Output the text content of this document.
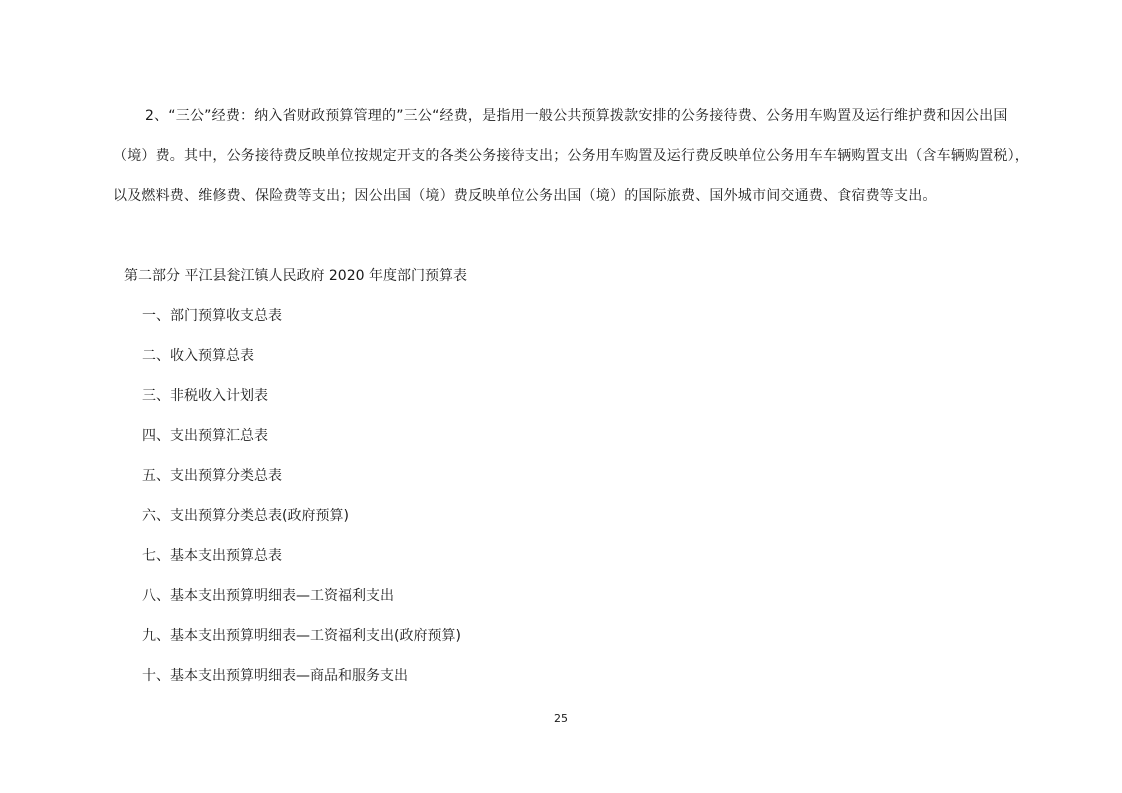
2、“三公”经费：纳入省财政预算管理的”三公“经费，是指用一般公共预算拨款安排的公务接待费、公务用车购置及运行维护费和因公出国
（境）费。其中，公务接待费反映单位按规定开支的各类公务接待支出；公务用车购置及运行费反映单位公务用车车辆购置支出（含车辆购置税），
以及燃料费、维修费、保险费等支出；因公出国（境）费反映单位公务出国（境）的国际旅费、国外城市间交通费、食宿费等支出。
第二部分 平江县瓮江镇人民政府 2020 年度部门预算表
一、部门预算收支总表
二、收入预算总表
三、非税收入计划表
四、支出预算汇总表
五、支出预算分类总表
六、支出预算分类总表(政府预算)
七、基本支出预算总表
八、基本支出预算明细表—工资福利支出
九、基本支出预算明细表—工资福利支出(政府预算)
十、基本支出预算明细表—商品和服务支出
25
